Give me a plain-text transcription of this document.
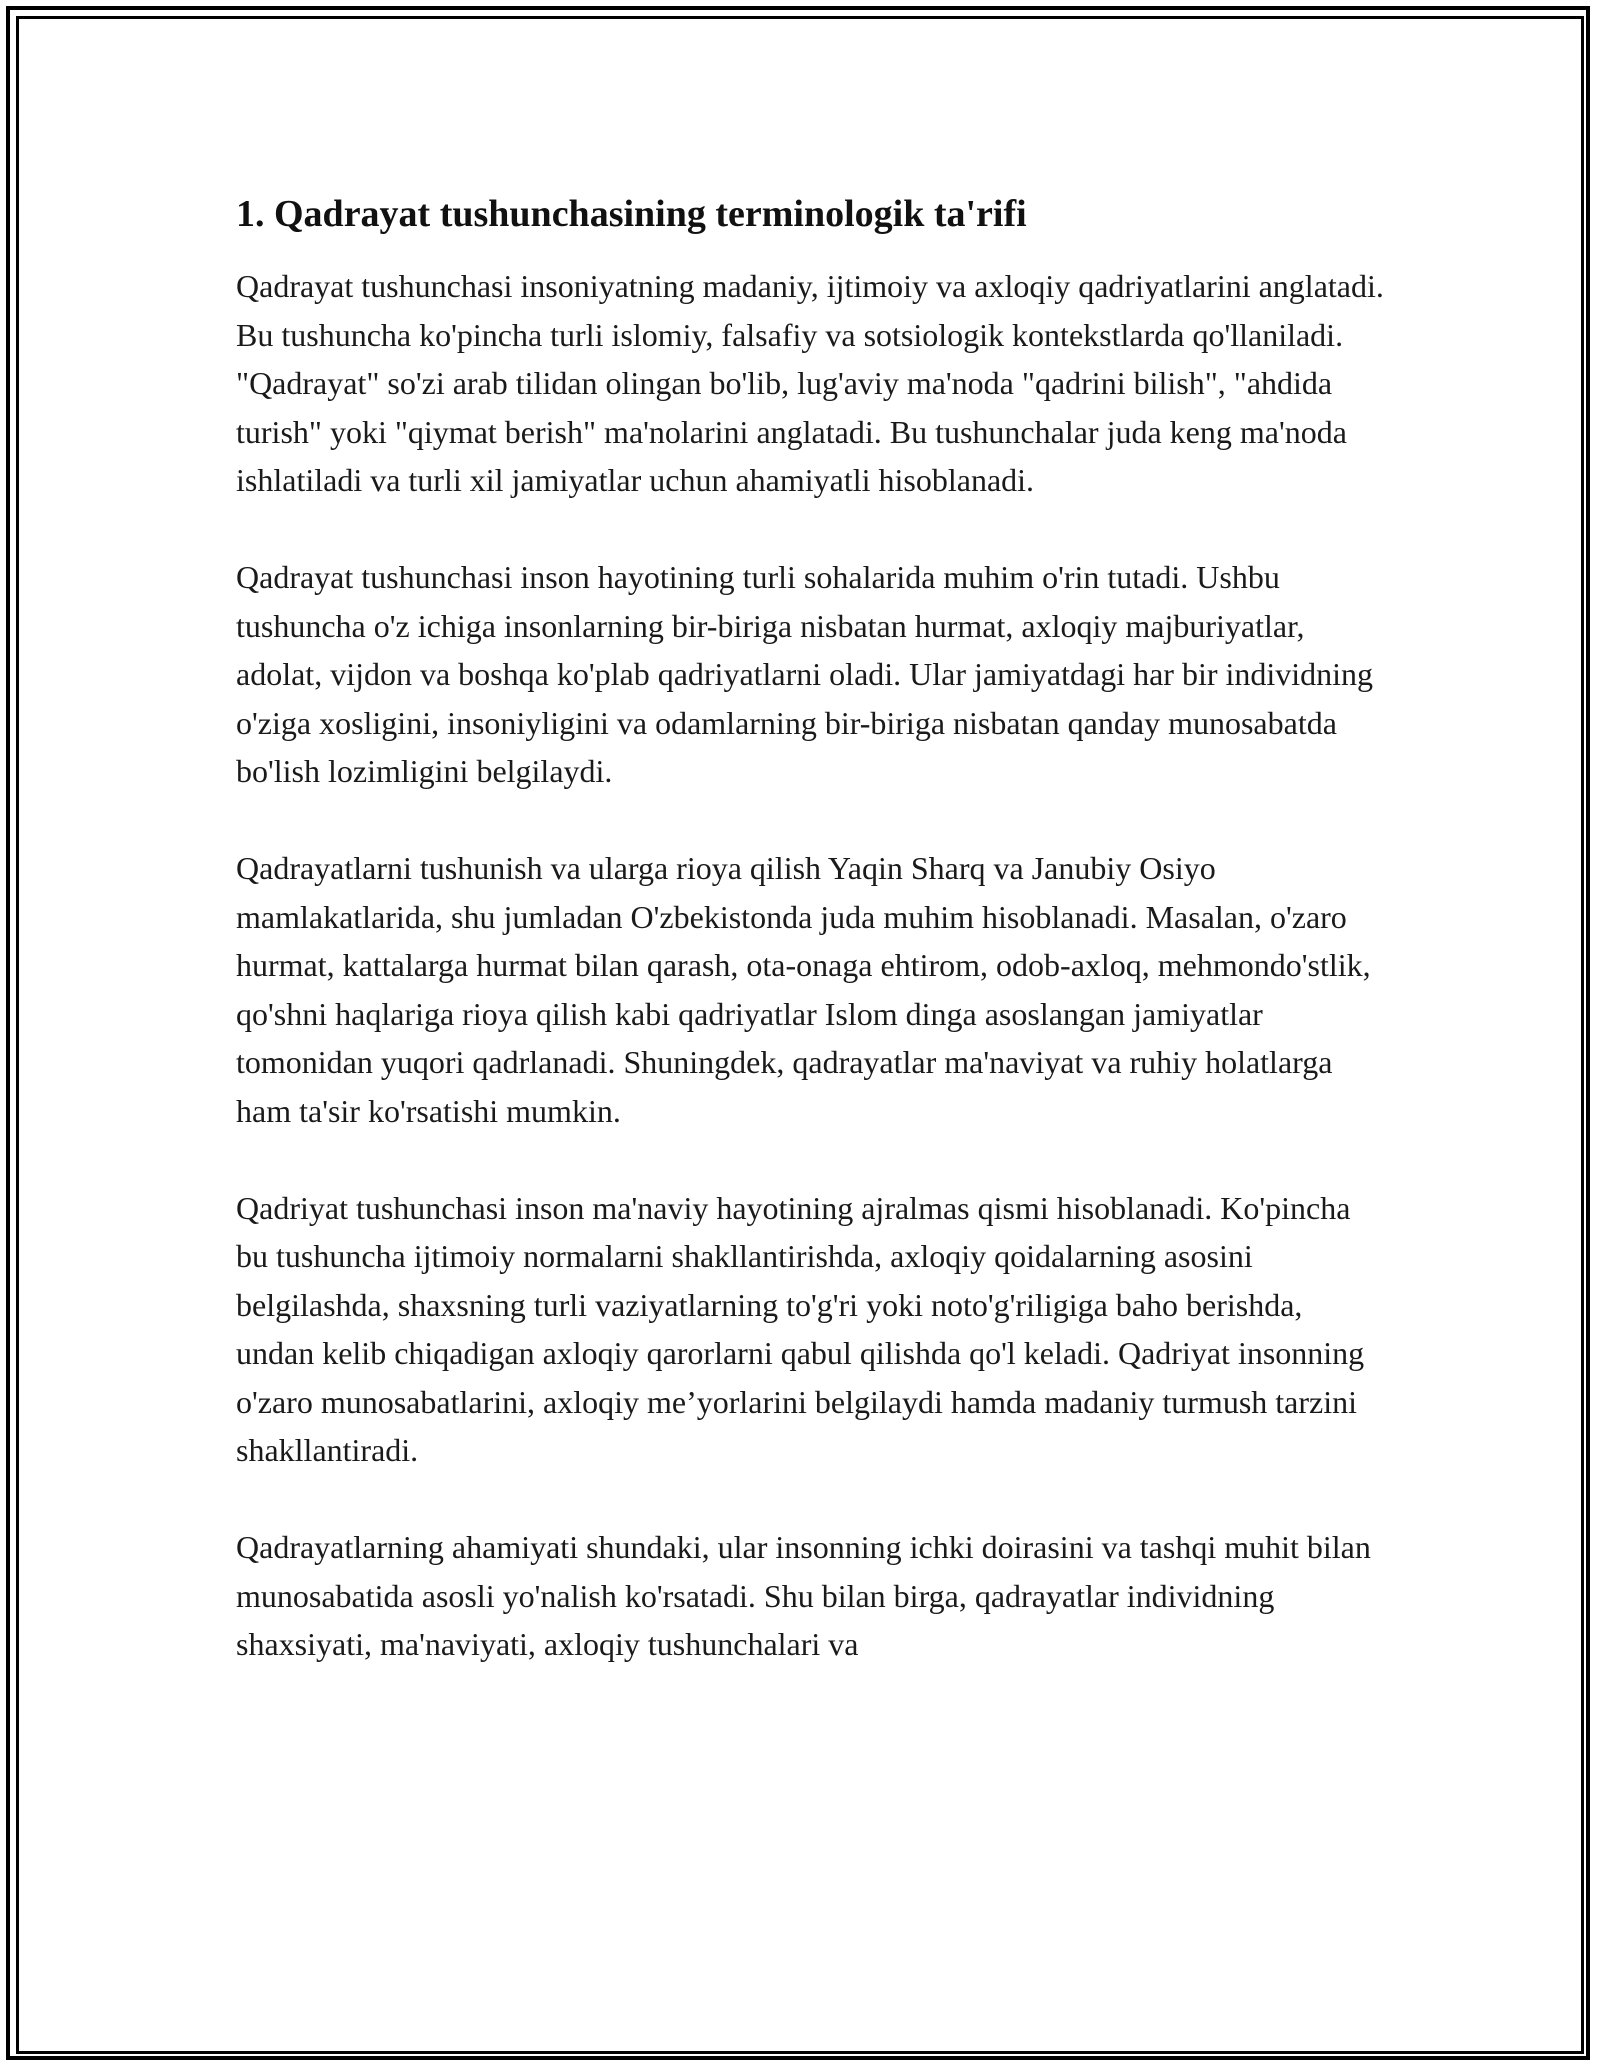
1. Qadrayat tushunchasining terminologik ta'rifi

Qadrayat tushunchasi insoniyatning madaniy, ijtimoiy va axloqiy qadriyatlarini anglatadi. Bu tushuncha ko'pincha turli islomiy, falsafiy va sotsiologik kontekstlarda qo'llaniladi. "Qadrayat" so'zi arab tilidan olingan bo'lib, lug'aviy ma'noda "qadrini bilish", "ahdida turish" yoki "qiymat berish" ma'nolarini anglatadi. Bu tushunchalar juda keng ma'noda ishlatiladi va turli xil jamiyatlar uchun ahamiyatli hisoblanadi.

Qadrayat tushunchasi inson hayotining turli sohalarida muhim o'rin tutadi. Ushbu tushuncha o'z ichiga insonlarning bir-biriga nisbatan hurmat, axloqiy majburiyatlar, adolat, vijdon va boshqa ko'plab qadriyatlarni oladi. Ular jamiyatdagi har bir individning o'ziga xosligini, insoniyligini va odamlarning bir-biriga nisbatan qanday munosabatda bo'lish lozimligini belgilaydi.

Qadrayatlarni tushunish va ularga rioya qilish Yaqin Sharq va Janubiy Osiyo mamlakatlarida, shu jumladan O'zbekistonda juda muhim hisoblanadi. Masalan, o'zaro hurmat, kattalarga hurmat bilan qarash, ota-onaga ehtirom, odob-axloq, mehmondo'stlik, qo'shni haqlariga rioya qilish kabi qadriyatlar Islom dinga asoslangan jamiyatlar tomonidan yuqori qadrlanadi. Shuningdek, qadrayatlar ma'naviyat va ruhiy holatlarga ham ta'sir ko'rsatishi mumkin.

Qadriyat tushunchasi inson ma'naviy hayotining ajralmas qismi hisoblanadi. Ko'pincha bu tushuncha ijtimoiy normalarni shakllantirishda, axloqiy qoidalarning asosini belgilashda, shaxsning turli vaziyatlarning to'g'ri yoki noto'g'riligiga baho berishda, undan kelib chiqadigan axloqiy qarorlarni qabul qilishda qo'l keladi. Qadriyat insonning o'zaro munosabatlarini, axloqiy me’yorlarini belgilaydi hamda madaniy turmush tarzini shakllantiradi.

Qadrayatlarning ahamiyati shundaki, ular insonning ichki doirasini va tashqi muhit bilan munosabatida asosli yo'nalish ko'rsatadi. Shu bilan birga, qadrayatlar individning shaxsiyati, ma'naviyati, axloqiy tushunchalari va
